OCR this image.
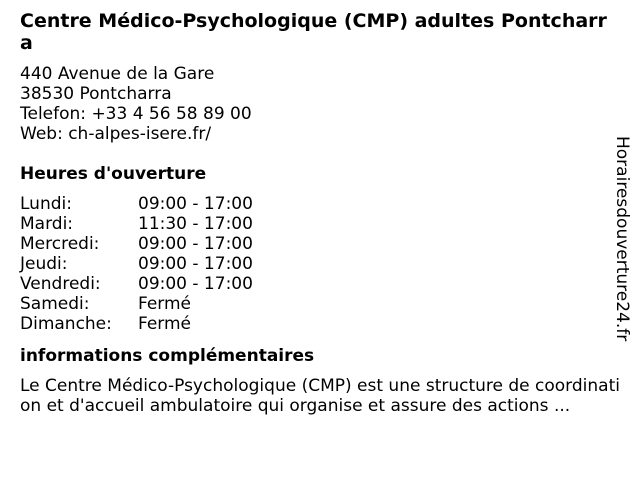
Centre Médico-Psychologique (CMP) adultes Pontcharra
440 Avenue de la Gare
38530 Pontcharra
Telefon: +33 4 56 58 89 00
Web: ch-alpes-isere.fr/
Heures d'ouverture
Lundi:	09:00 - 17:00
Mardi:	11:30 - 17:00
Mercredi:	09:00 - 17:00
Jeudi:	09:00 - 17:00
Vendredi:	09:00 - 17:00
Samedi:	Fermé
Dimanche:	Fermé
informations complémentaires

Le Centre Médico-Psychologique (CMP) est une structure de coordination et d'accueil ambulatoire qui organise et assure des actions ...

Horairesdouverture24.fr
